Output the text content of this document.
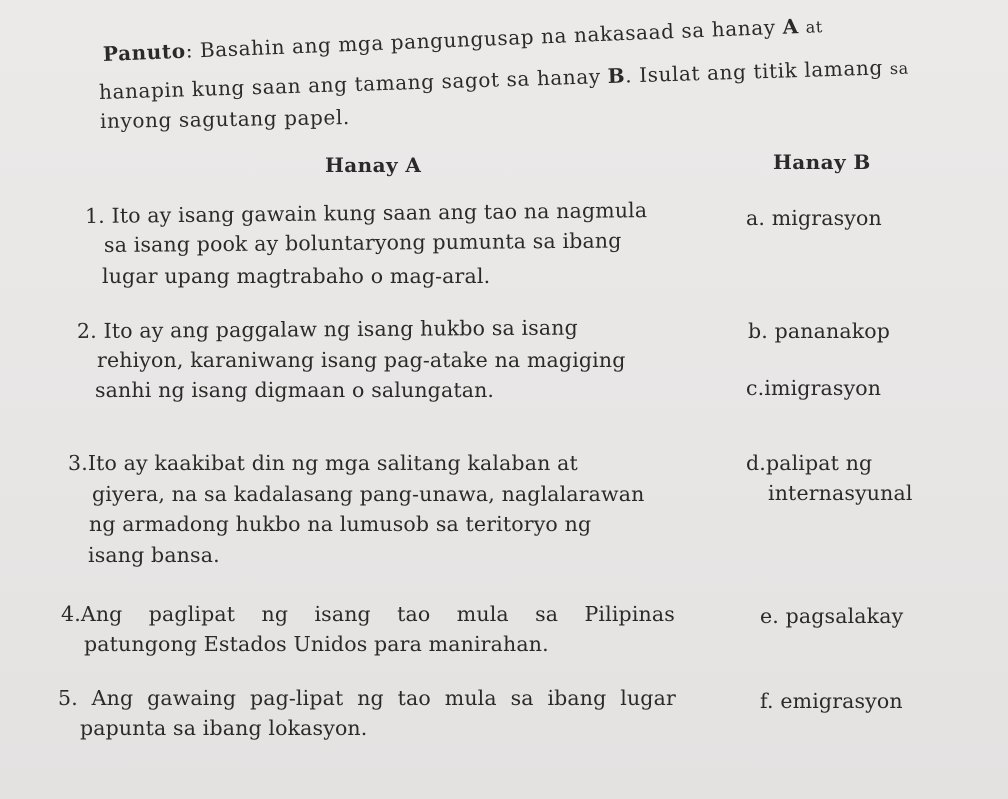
Panuto: Basahin ang mga pangungusap na nakasaad sa hanay A at
hanapin kung saan ang tamang sagot sa hanay B. Isulat ang titik lamang sa
inyong sagutang papel.
Hanay A	Hanay B
1. Ito ay isang gawain kung saan ang tao na nagmula
sa isang pook ay boluntaryong pumunta sa ibang
lugar upang magtrabaho o mag-aral.
2. Ito ay ang paggalaw ng isang hukbo sa isang
rehiyon, karaniwang isang pag-atake na magiging
sanhi ng isang digmaan o salungatan.
3.Ito ay kaakibat din ng mga salitang kalaban at
giyera, na sa kadalasang pang-unawa, naglalarawan
ng armadong hukbo na lumusob sa teritoryo ng
isang bansa.
4.Ang paglipat ng isang tao mula sa Pilipinas
patungong Estados Unidos para manirahan.
5. Ang gawaing pag-lipat ng tao mula sa ibang lugar
papunta sa ibang lokasyon.
a. migrasyon
b. pananakop
c.imigrasyon
d.palipat ng
internasyunal
e. pagsalakay
f. emigrasyon
